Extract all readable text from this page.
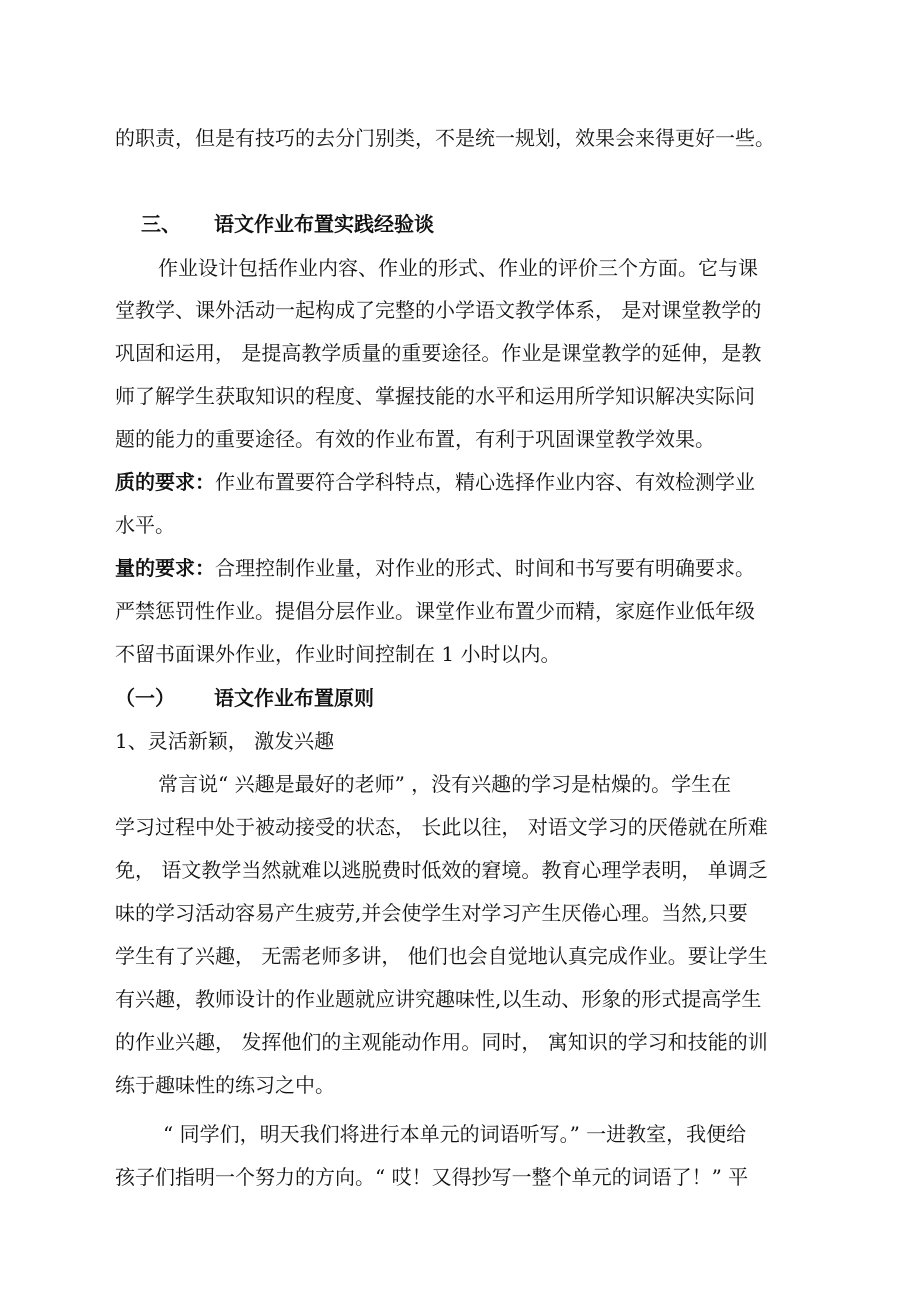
的职责，但是有技巧的去分门别类，不是统一规划，效果会来得更好一些。
三、 语文作业布置实践经验谈
作业设计包括作业内容、作业的形式、作业的评价三个方面。它与课
堂教学、课外活动一起构成了完整的小学语文教学体系， 是对课堂教学的
巩固和运用， 是提高教学质量的重要途径。作业是课堂教学的延伸，是教
师了解学生获取知识的程度、掌握技能的水平和运用所学知识解决实际问
题的能力的重要途径。有效的作业布置，有利于巩固课堂教学效果。
质的要求：作业布置要符合学科特点，精心选择作业内容、有效检测学业
水平。
量的要求：合理控制作业量，对作业的形式、时间和书写要有明确要求。
严禁惩罚性作业。提倡分层作业。课堂作业布置少而精，家庭作业低年级
不留书面课外作业，作业时间控制在 1 小时以内。
（一） 语文作业布置原则
1、灵活新颖， 激发兴趣
常言说“ 兴趣是最好的老师” ，没有兴趣的学习是枯燥的。学生在
学习过程中处于被动接受的状态， 长此以往， 对语文学习的厌倦就在所难
免， 语文教学当然就难以逃脱费时低效的窘境。教育心理学表明， 单调乏
味的学习活动容易产生疲劳,并会使学生对学习产生厌倦心理。当然,只要
学生有了兴趣， 无需老师多讲， 他们也会自觉地认真完成作业。要让学生
有兴趣，教师设计的作业题就应讲究趣味性,以生动、形象的形式提高学生
的作业兴趣， 发挥他们的主观能动作用。同时， 寓知识的学习和技能的训
练于趣味性的练习之中。
“ 同学们，明天我们将进行本单元的词语听写。” 一进教室，我便给
孩子们指明一个努力的方向。“ 哎！又得抄写一整个单元的词语了！” 平
